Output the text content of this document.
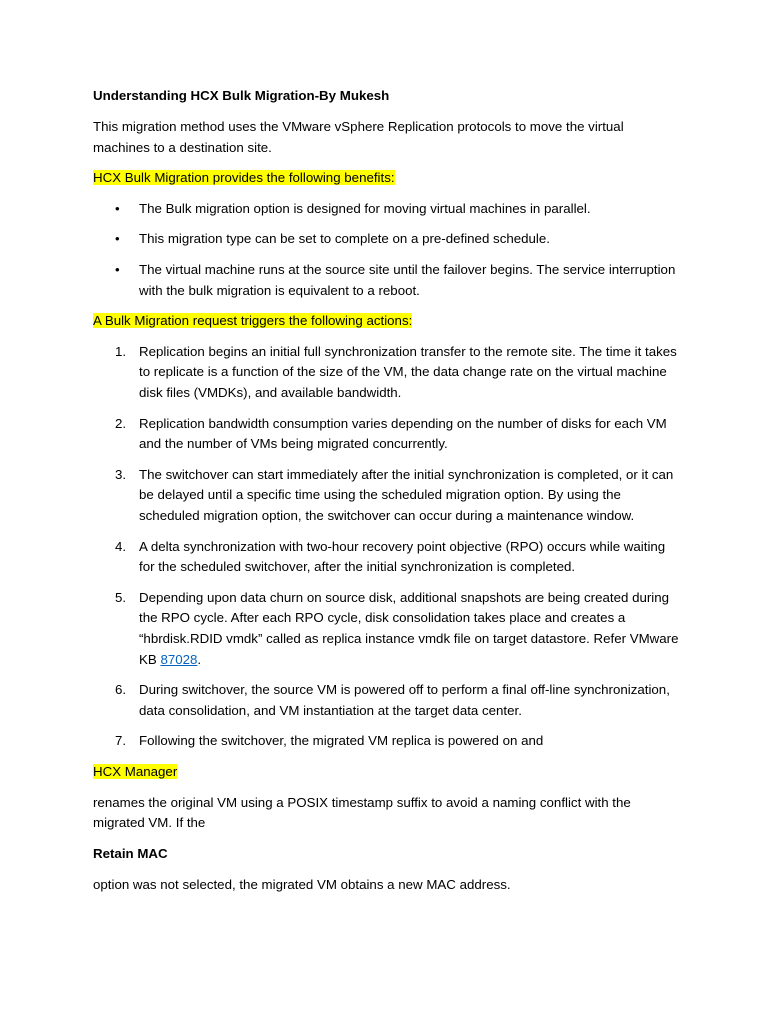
Understanding HCX Bulk Migration-By Mukesh

This migration method uses the VMware vSphere Replication protocols to move the virtual machines to a destination site.

HCX Bulk Migration provides the following benefits:

• The Bulk migration option is designed for moving virtual machines in parallel.
• This migration type can be set to complete on a pre-defined schedule.
• The virtual machine runs at the source site until the failover begins. The service interruption with the bulk migration is equivalent to a reboot.

A Bulk Migration request triggers the following actions:

1. Replication begins an initial full synchronization transfer to the remote site. The time it takes to replicate is a function of the size of the VM, the data change rate on the virtual machine disk files (VMDKs), and available bandwidth.
2. Replication bandwidth consumption varies depending on the number of disks for each VM and the number of VMs being migrated concurrently.
3. The switchover can start immediately after the initial synchronization is completed, or it can be delayed until a specific time using the scheduled migration option. By using the scheduled migration option, the switchover can occur during a maintenance window.
4. A delta synchronization with two-hour recovery point objective (RPO) occurs while waiting for the scheduled switchover, after the initial synchronization is completed.
5. Depending upon data churn on source disk, additional snapshots are being created during the RPO cycle. After each RPO cycle, disk consolidation takes place and creates a “hbrdisk.RDID vmdk” called as replica instance vmdk file on target datastore. Refer VMware KB 87028.
6. During switchover, the source VM is powered off to perform a final off-line synchronization, data consolidation, and VM instantiation at the target data center.
7. Following the switchover, the migrated VM replica is powered on and

HCX Manager

renames the original VM using a POSIX timestamp suffix to avoid a naming conflict with the migrated VM. If the

Retain MAC

option was not selected, the migrated VM obtains a new MAC address.
